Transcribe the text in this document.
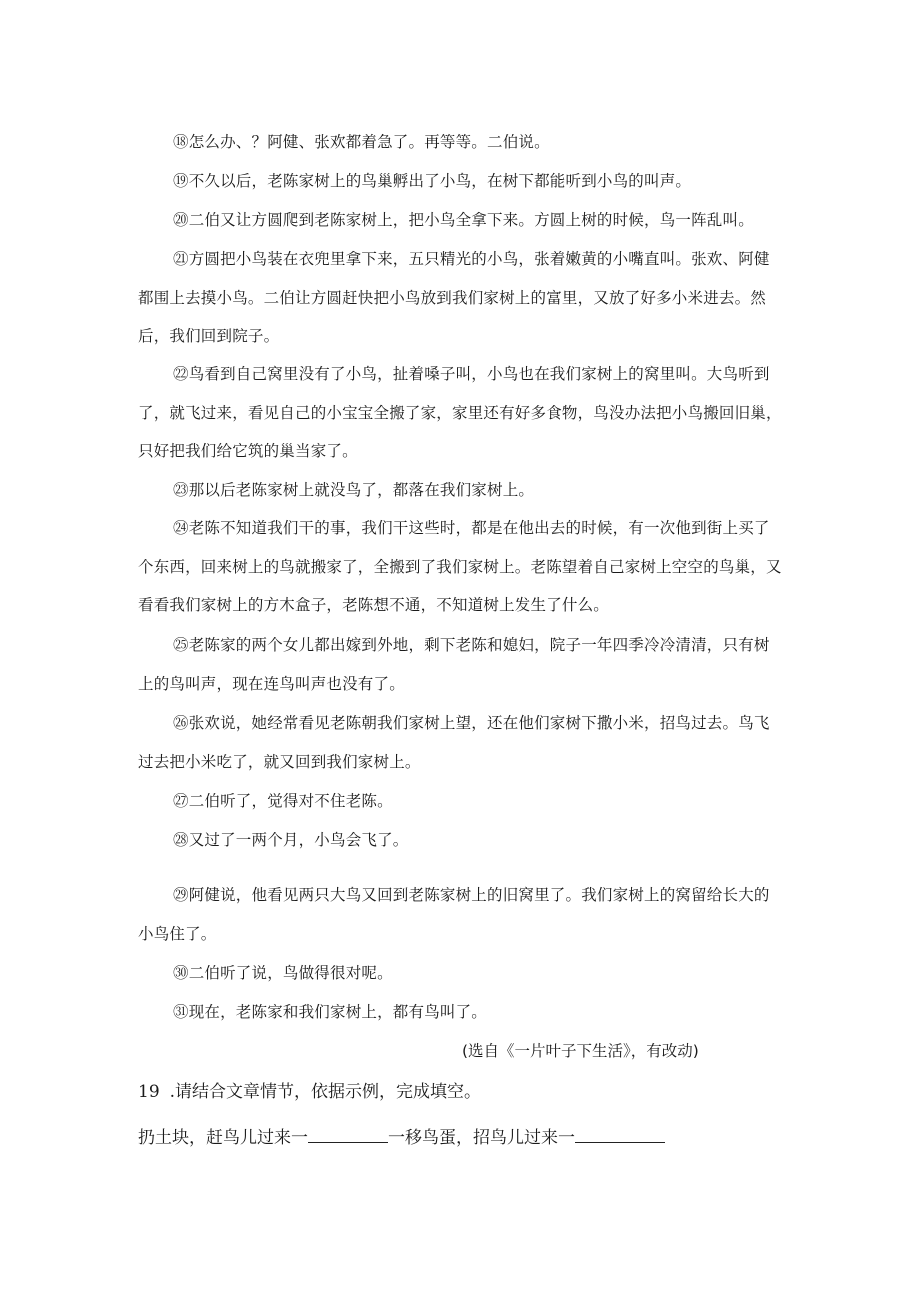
⑱怎么办、？阿健、张欢都着急了。再等等。二伯说。

⑲不久以后，老陈家树上的鸟巢孵出了小鸟，在树下都能听到小鸟的叫声。

⑳二伯又让方圆爬到老陈家树上，把小鸟全拿下来。方圆上树的时候，鸟一阵乱叫。

㉑方圆把小鸟装在衣兜里拿下来，五只精光的小鸟，张着嫩黄的小嘴直叫。张欢、阿健都围上去摸小鸟。二伯让方圆赶快把小鸟放到我们家树上的富里，又放了好多小米进去。然后，我们回到院子。

㉒鸟看到自己窝里没有了小鸟，扯着嗓子叫，小鸟也在我们家树上的窝里叫。大鸟听到了，就飞过来，看见自己的小宝宝全搬了家，家里还有好多食物，鸟没办法把小鸟搬回旧巢，只好把我们给它筑的巢当家了。

㉓那以后老陈家树上就没鸟了，都落在我们家树上。

㉔老陈不知道我们干的事，我们干这些时，都是在他出去的时候，有一次他到街上买了个东西，回来树上的鸟就搬家了，全搬到了我们家树上。老陈望着自己家树上空空的鸟巢，又看看我们家树上的方木盒子，老陈想不通，不知道树上发生了什么。

㉕老陈家的两个女儿都出嫁到外地，剩下老陈和媳妇，院子一年四季冷冷清清，只有树上的鸟叫声，现在连鸟叫声也没有了。

㉖张欢说，她经常看见老陈朝我们家树上望，还在他们家树下撒小米，招鸟过去。鸟飞过去把小米吃了，就又回到我们家树上。

㉗二伯听了，觉得对不住老陈。

㉘又过了一两个月，小鸟会飞了。

㉙阿健说，他看见两只大鸟又回到老陈家树上的旧窝里了。我们家树上的窝留给长大的小鸟住了。

㉚二伯听了说，鸟做得很对呢。

㉛现在，老陈家和我们家树上，都有鸟叫了。

(选自《一片叶子下生活》，有改动)
19 .请结合文章情节，依据示例，完成填空。
扔土块，赶鸟儿过来一	一移鸟蛋，招鸟儿过来一
